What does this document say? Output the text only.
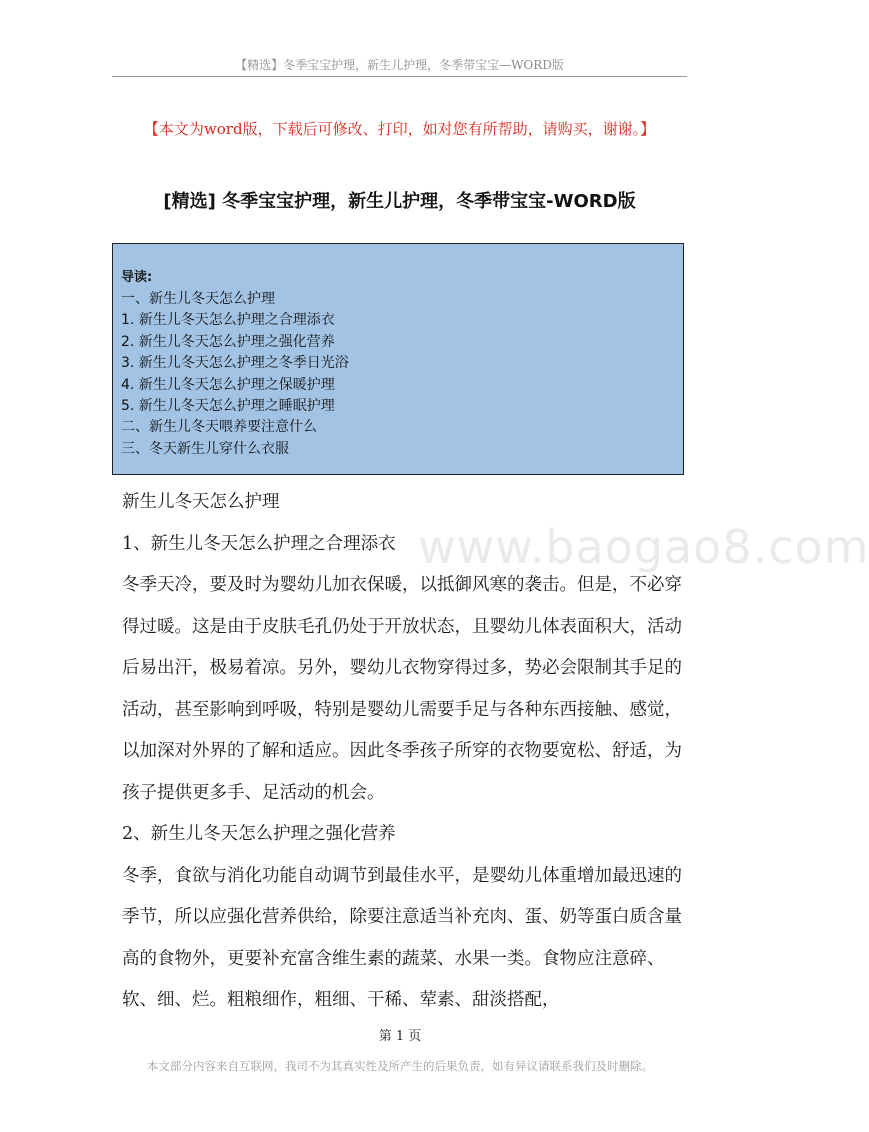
【精选】冬季宝宝护理，新生儿护理，冬季带宝宝—WORD版
【本文为word版，下载后可修改、打印，如对您有所帮助，请购买，谢谢。】
[精选] 冬季宝宝护理，新生儿护理，冬季带宝宝-WORD版
导读:
一、新生儿冬天怎么护理
1. 新生儿冬天怎么护理之合理添衣
2. 新生儿冬天怎么护理之强化营养
3. 新生儿冬天怎么护理之冬季日光浴
4. 新生儿冬天怎么护理之保暖护理
5. 新生儿冬天怎么护理之睡眠护理
二、新生儿冬天喂养要注意什么
三、冬天新生儿穿什么衣服

新生儿冬天怎么护理

1、新生儿冬天怎么护理之合理添衣

冬季天冷，要及时为婴幼儿加衣保暖，以抵御风寒的袭击。但是，不必穿得过暖。这是由于皮肤毛孔仍处于开放状态，且婴幼儿体表面积大，活动后易出汗，极易着凉。另外，婴幼儿衣物穿得过多，势必会限制其手足的活动，甚至影响到呼吸，特别是婴幼儿需要手足与各种东西接触、感觉，以加深对外界的了解和适应。因此冬季孩子所穿的衣物要宽松、舒适，为孩子提供更多手、足活动的机会。

2、新生儿冬天怎么护理之强化营养

冬季，食欲与消化功能自动调节到最佳水平，是婴幼儿体重增加最迅速的季节，所以应强化营养供给，除要注意适当补充肉、蛋、奶等蛋白质含量高的食物外，更要补充富含维生素的蔬菜、水果一类。食物应注意碎、软、细、烂。粗粮细作，粗细、干稀、荤素、甜淡搭配，

www.baogao8.com
第 1 页
本文部分内容来自互联网，我司不为其真实性及所产生的后果负责，如有异议请联系我们及时删除。
